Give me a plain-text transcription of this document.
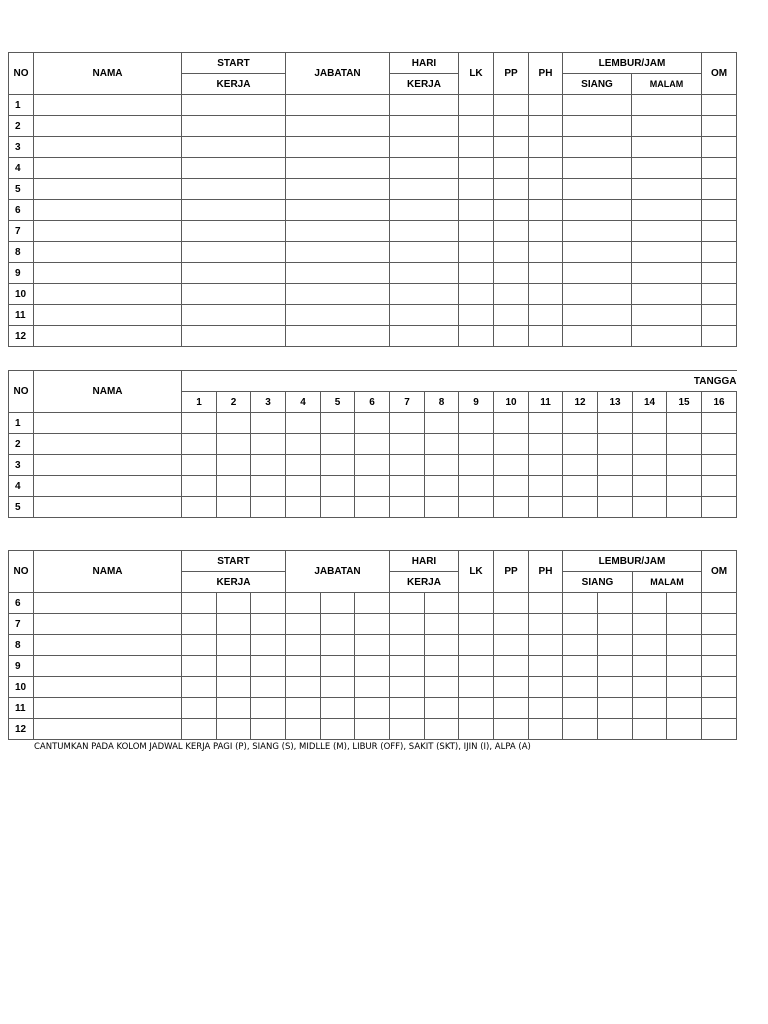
NO	NAMA	START	JABATAN	HARI	LK	PP	PH	LEMBUR/JAM		OM
		KERJA		KERJA				SIANG	MALAM	
1										
2										
3										
4										
5										
6										
7										
8										
9										
10										
11										
12										
NO	NAMA	TANGGA															
		1	2	3	4	5	6	7	8	9	10	11	12	13	14	15	16
1																	
2																	
3																	
4																	
5																	
NO	NAMA	START			JABATAN			HARI		LK	PP	PH	LEMBUR/JAM				OM
		KERJA						KERJA					SIANG		MALAM		
6																	
7																	
8																	
9																	
10																	
11																	
12																	
CANTUMKAN PADA KOLOM JADWAL KERJA PAGI (P), SIANG (S), MIDLLE (M), LIBUR (OFF), SAKIT (SKT), IJIN (I), ALPA (A)
